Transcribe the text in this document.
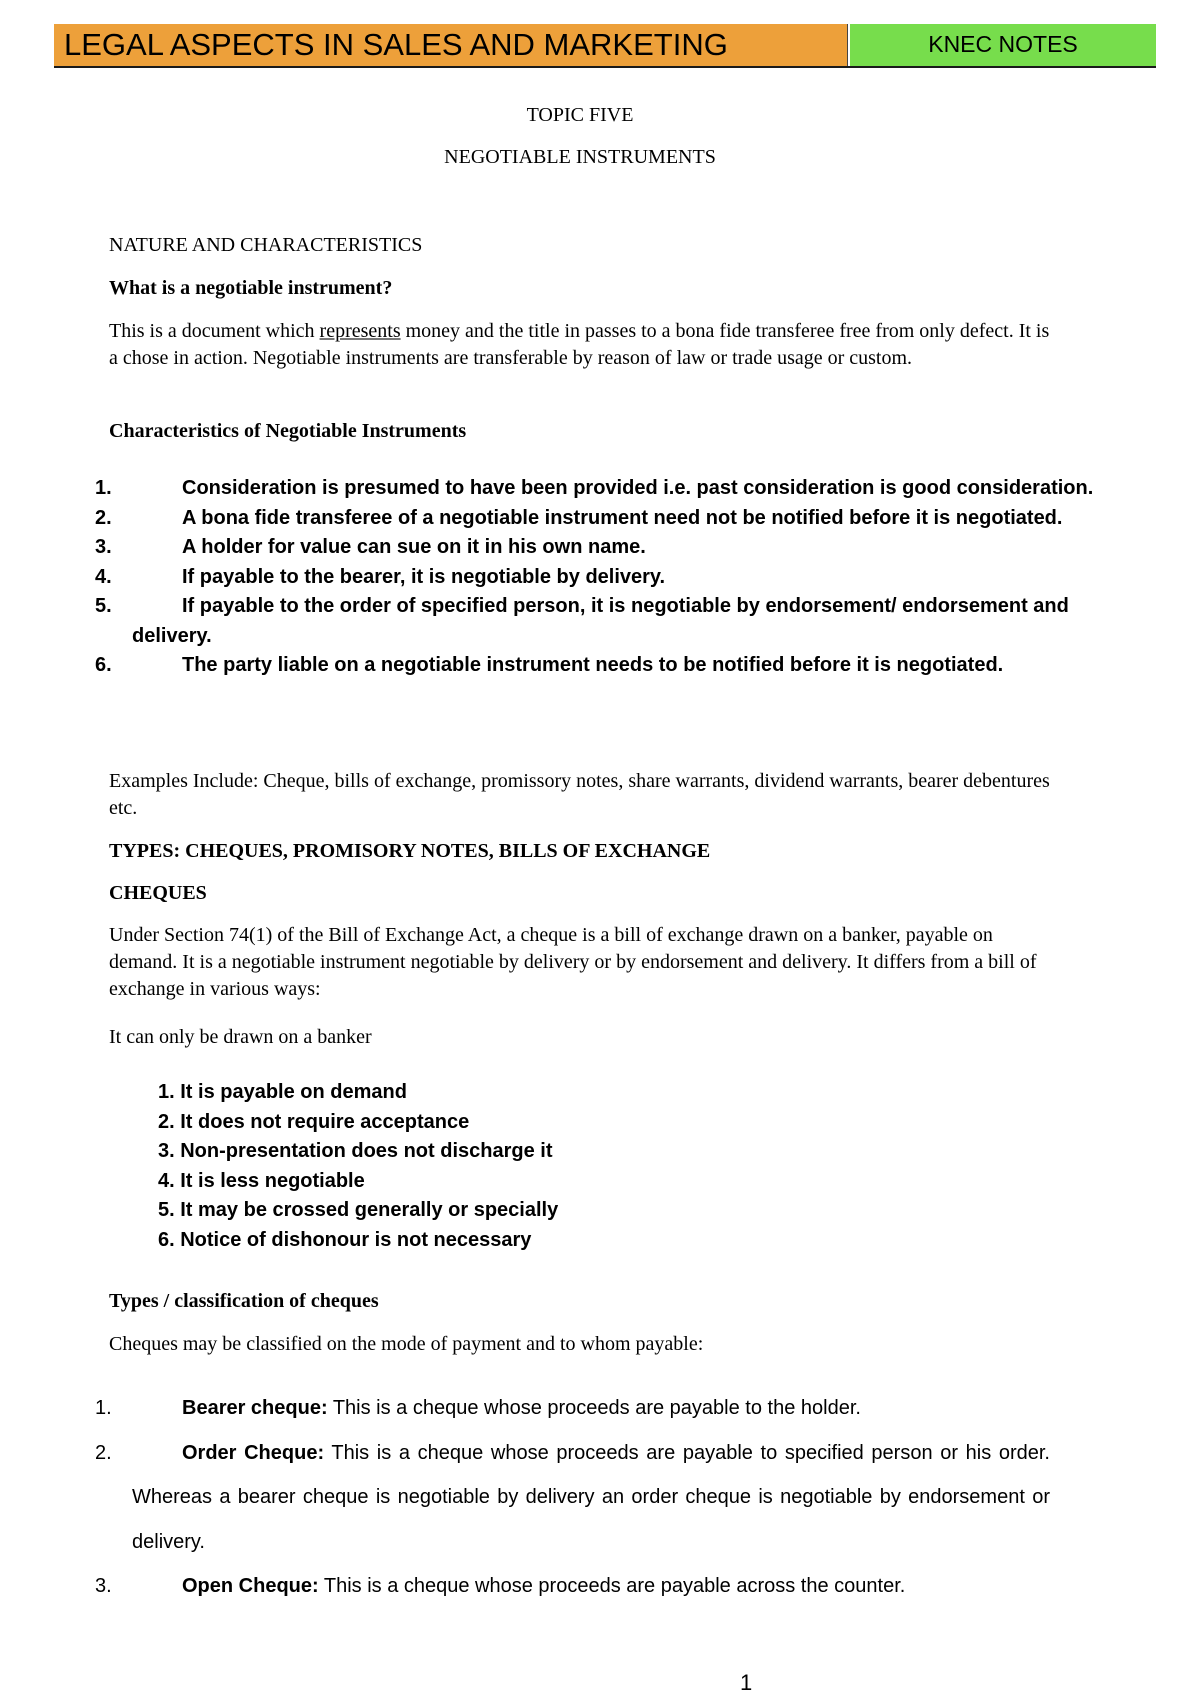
LEGAL ASPECTS IN SALES AND MARKETING	KNEC NOTES
TOPIC FIVE
NEGOTIABLE INSTRUMENTS
NATURE AND CHARACTERISTICS
What is a negotiable instrument?
This is a document which represents money and the title in passes to a bona fide transferee free from only defect. It is a chose in action. Negotiable instruments are transferable by reason of law or trade usage or custom.
Characteristics of Negotiable Instruments
1.	Consideration is presumed to have been provided i.e. past consideration is good consideration.
2.	A bona fide transferee of a negotiable instrument need not be notified before it is negotiated.
3.	A holder for value can sue on it in his own name.
4.	If payable to the bearer, it is negotiable by delivery.
5.	If payable to the order of specified person, it is negotiable by endorsement/ endorsement and delivery.
6.	The party liable on a negotiable instrument needs to be notified before it is negotiated.
Examples Include: Cheque, bills of exchange, promissory notes, share warrants, dividend warrants, bearer debentures etc.
TYPES: CHEQUES, PROMISORY NOTES, BILLS OF EXCHANGE
CHEQUES
Under Section 74(1) of the Bill of Exchange Act, a cheque is a bill of exchange drawn on a banker, payable on demand. It is a negotiable instrument negotiable by delivery or by endorsement and delivery. It differs from a bill of exchange in various ways:
It can only be drawn on a banker
1. It is payable on demand
2. It does not require acceptance
3. Non-presentation does not discharge it
4. It is less negotiable
5. It may be crossed generally or specially
6. Notice of dishonour is not necessary
Types / classification of cheques
Cheques may be classified on the mode of payment and to whom payable:
1.	Bearer cheque: This is a cheque whose proceeds are payable to the holder.
2.	Order Cheque: This is a cheque whose proceeds are payable to specified person or his order. Whereas a bearer cheque is negotiable by delivery an order cheque is negotiable by endorsement or delivery.
3.	Open Cheque: This is a cheque whose proceeds are payable across the counter.
1
